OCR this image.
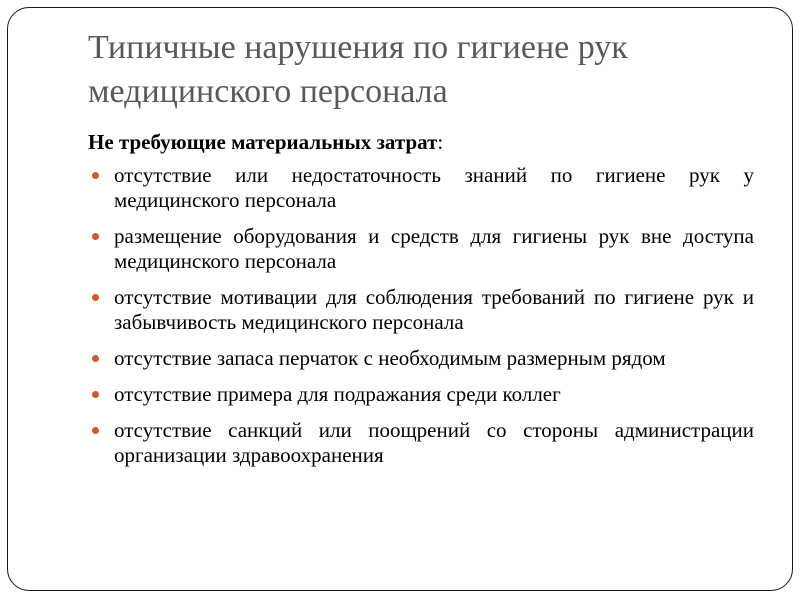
Типичные нарушения по гигиене рук медицинского персонала

Не требующие материальных затрат:

отсутствие или недостаточность знаний по гигиене рук у медицинского персонала
размещение оборудования и средств для гигиены рук вне доступа медицинского персонала
отсутствие мотивации для соблюдения требований по гигиене рук и забывчивость медицинского персонала
отсутствие запаса перчаток с необходимым размерным рядом
отсутствие примера для подражания среди коллег
отсутствие санкций или поощрений со стороны администрации организации здравоохранения
